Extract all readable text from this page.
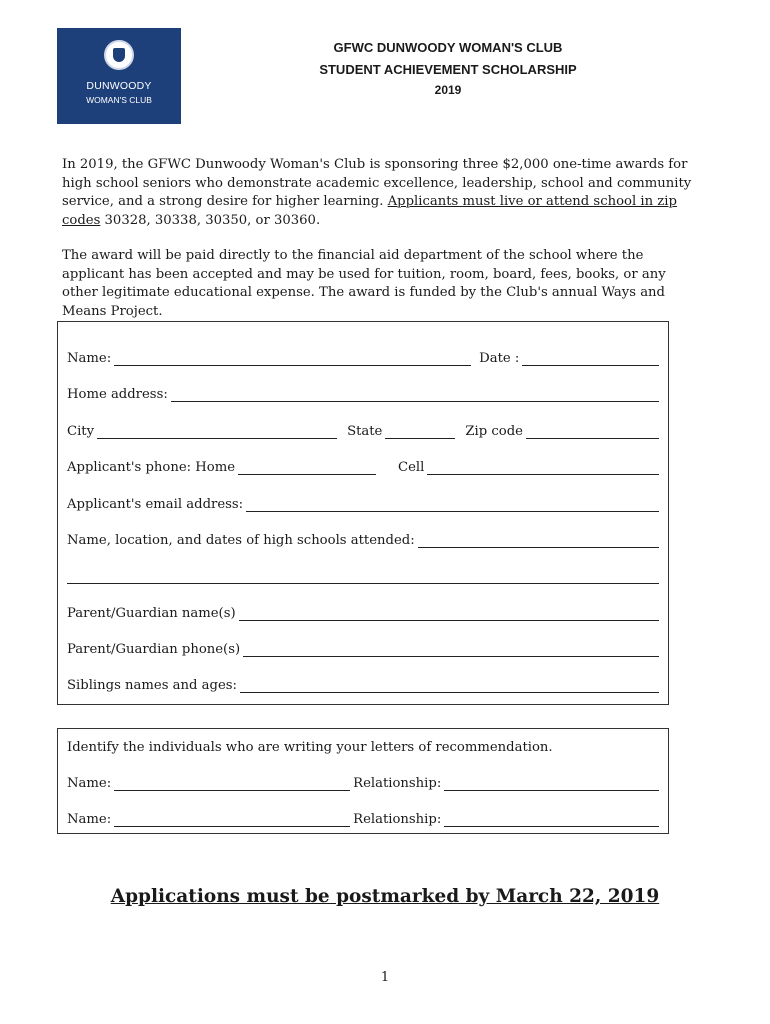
DUNWOODY
WOMAN'S CLUB
GFWC DUNWOODY WOMAN'S CLUB
STUDENT ACHIEVEMENT SCHOLARSHIP
2019
In 2019, the GFWC Dunwoody Woman's Club is sponsoring three $2,000 one-time awards for high school seniors who demonstrate academic excellence, leadership, school and community service, and a strong desire for higher learning. Applicants must live or attend school in zip codes 30328, 30338, 30350, or 30360.
The award will be paid directly to the financial aid department of the school where the applicant has been accepted and may be used for tuition, room, board, fees, books, or any other legitimate educational expense. The award is funded by the Club's annual Ways and Means Project.
Name:	Date :
Home address:
City	State	Zip code
Applicant's phone: Home	Cell
Applicant's email address:
Name, location, and dates of high schools attended:
Parent/Guardian name(s)
Parent/Guardian phone(s)
Siblings names and ages:
Identify the individuals who are writing your letters of recommendation.
Name:	Relationship:
Name:	Relationship:
Applications must be postmarked by March 22, 2019
1
